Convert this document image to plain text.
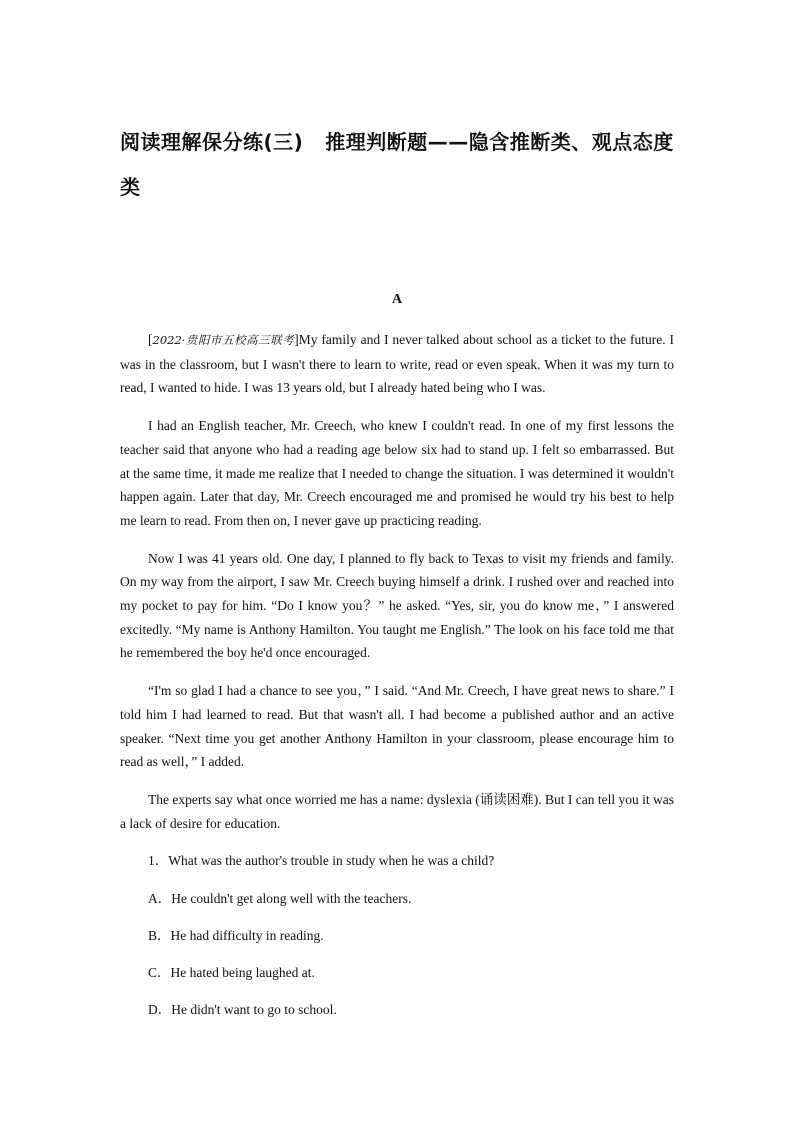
阅读理解保分练(三) 推理判断题——隐含推断类、观点态度类
A

[2022·贵阳市五校高三联考]My family and I never talked about school as a ticket to the future. I was in the classroom, but I wasn't there to learn to write, read or even speak. When it was my turn to read, I wanted to hide. I was 13 years old, but I already hated being who I was.

I had an English teacher, Mr. Creech, who knew I couldn't read. In one of my first lessons the teacher said that anyone who had a reading age below six had to stand up. I felt so embarrassed. But at the same time, it made me realize that I needed to change the situation. I was determined it wouldn't happen again. Later that day, Mr. Creech encouraged me and promised he would try his best to help me learn to read. From then on, I never gave up practicing reading.

Now I was 41 years old. One day, I planned to fly back to Texas to visit my friends and family. On my way from the airport, I saw Mr. Creech buying himself a drink. I rushed over and reached into my pocket to pay for him. “Do I know you？” he asked. “Yes, sir, you do know me，” I answered excitedly. “My name is Anthony Hamilton. You taught me English.” The look on his face told me that he remembered the boy he'd once encouraged.

“I'm so glad I had a chance to see you，” I said. “And Mr. Creech, I have great news to share.” I told him I had learned to read. But that wasn't all. I had become a published author and an active speaker. “Next time you get another Anthony Hamilton in your classroom, please encourage him to read as well，” I added.

The experts say what once worried me has a name: dyslexia (诵读困难). But I can tell you it was a lack of desire for education.

1．What was the author's trouble in study when he was a child?

A．He couldn't get along well with the teachers.

B．He had difficulty in reading.

C．He hated being laughed at.

D．He didn't want to go to school.
